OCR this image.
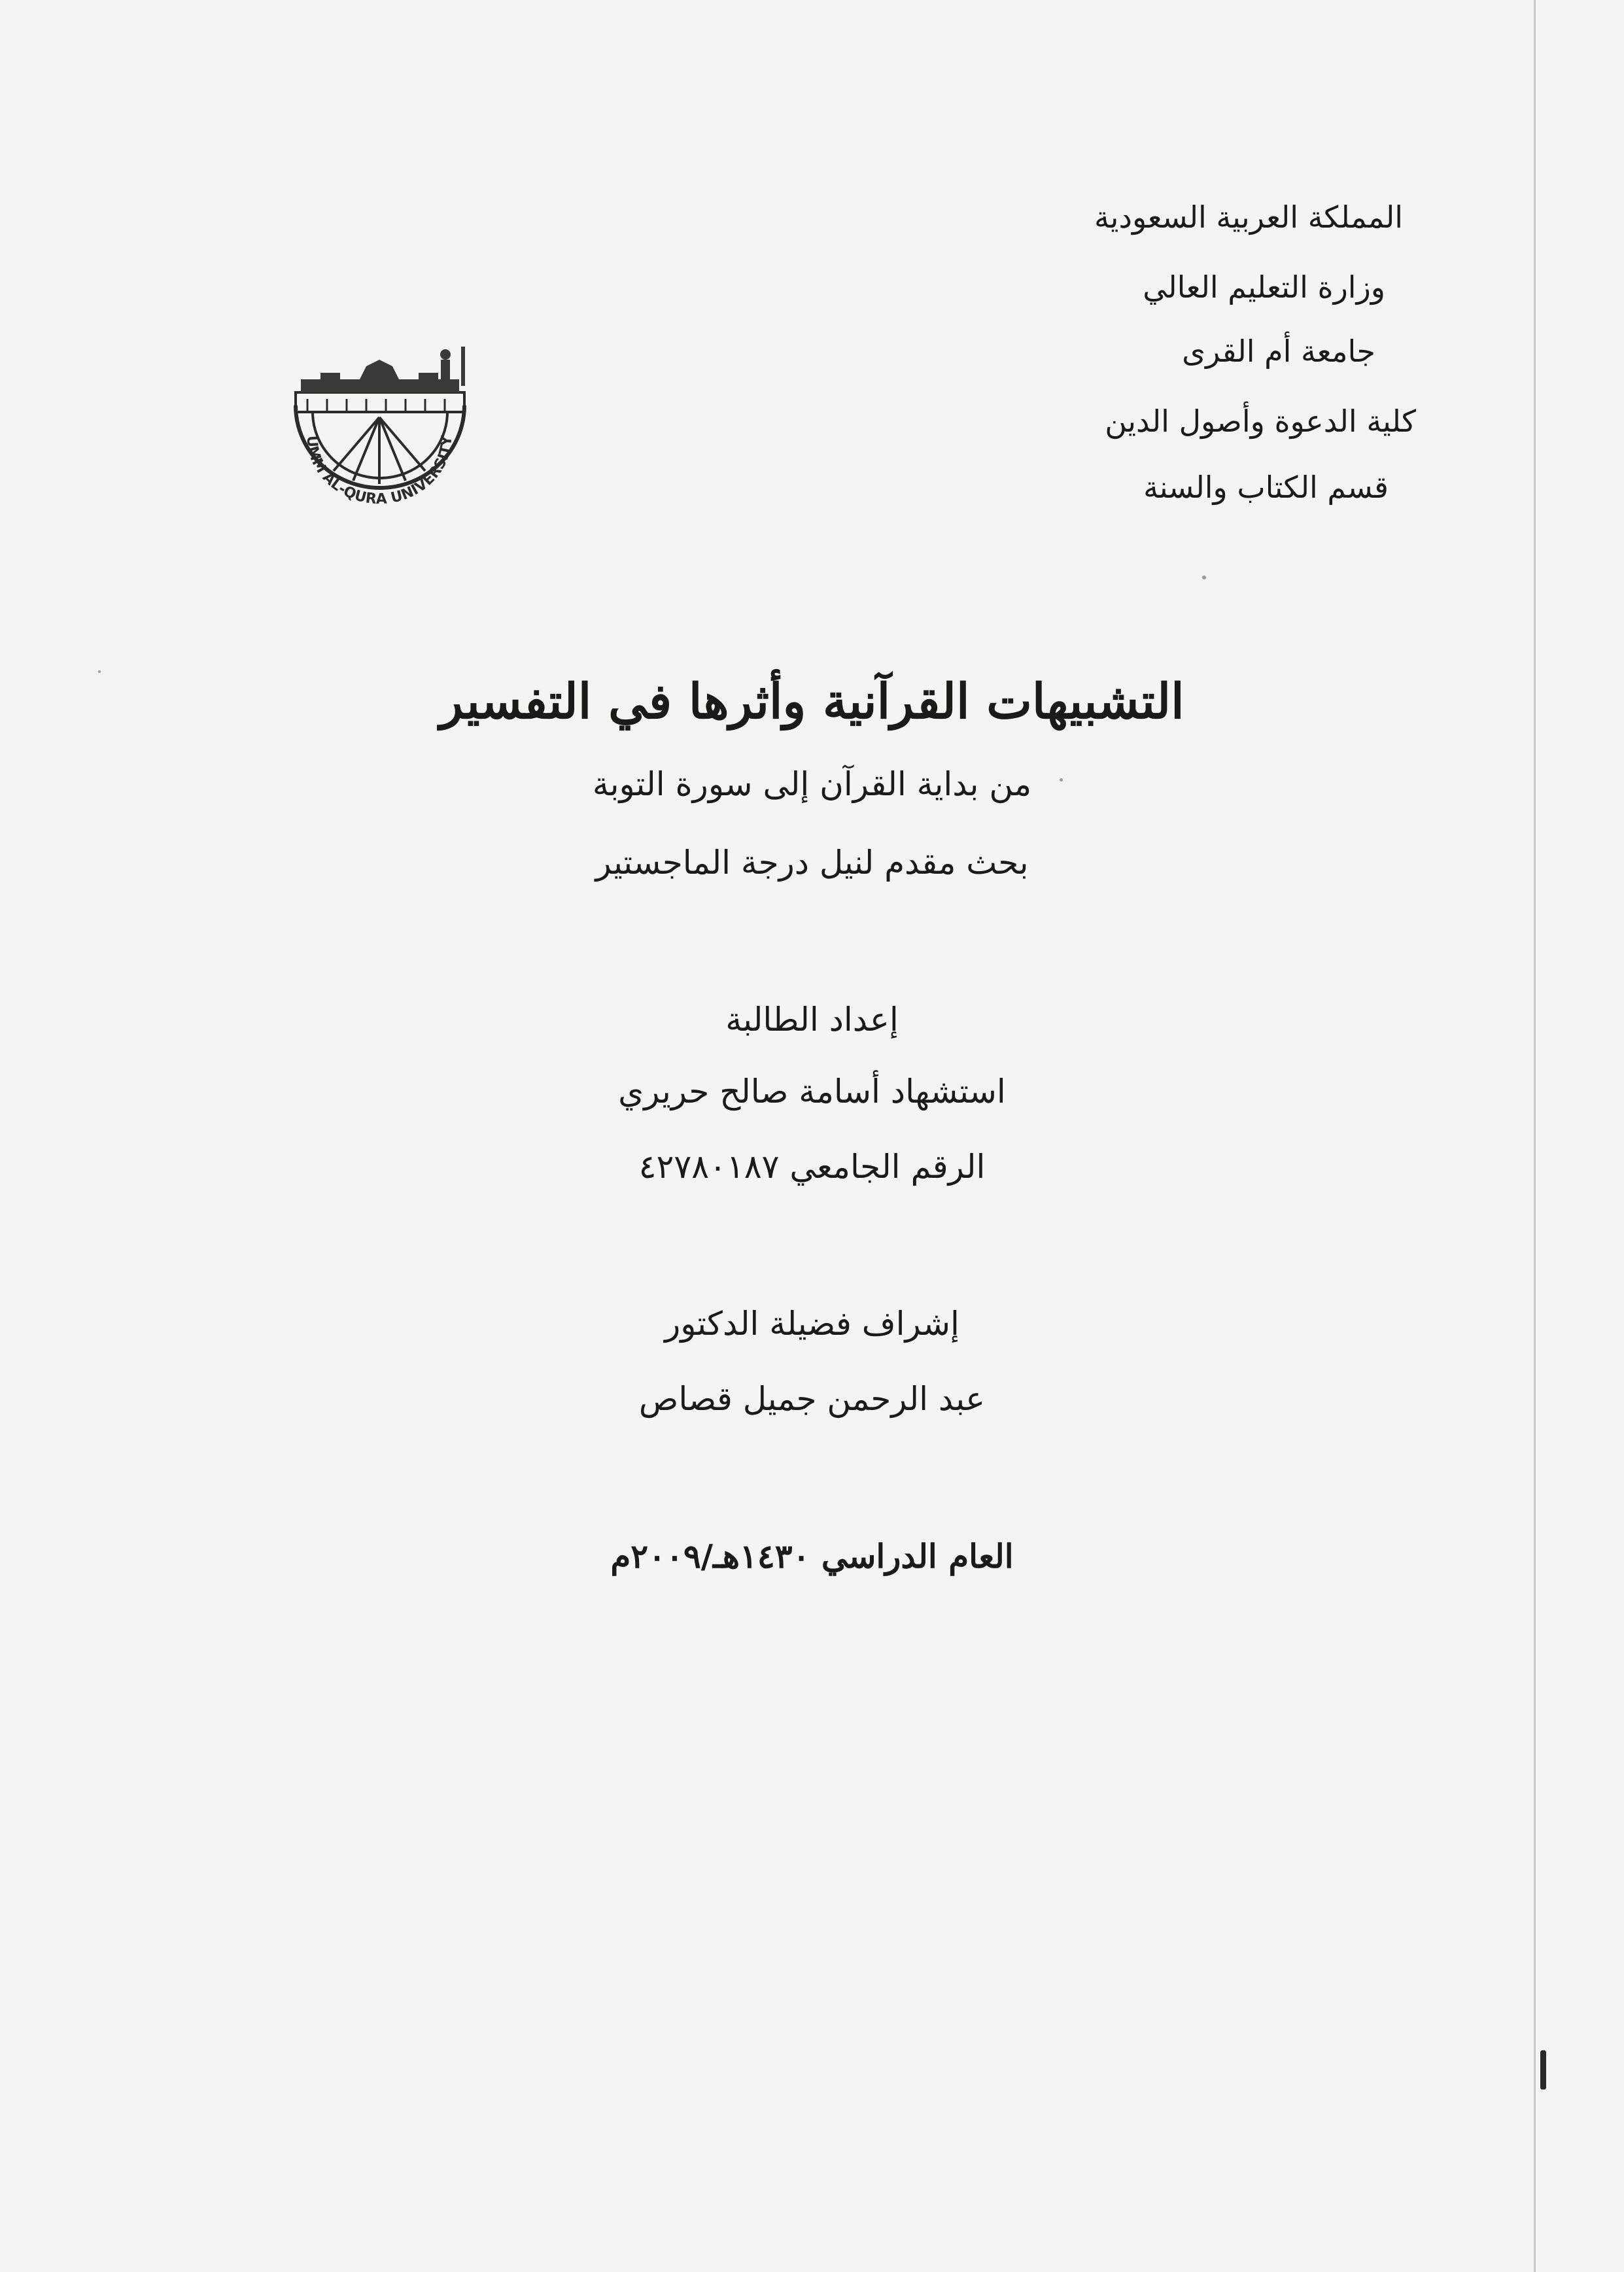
المملكة العربية السعودية
وزارة التعليم العالي
جامعة أم القرى
كلية الدعوة وأصول الدين
قسم الكتاب والسنة
UMM AL-QURA UNIVERSITY
التشبيهات القرآنية وأثرها في التفسير
من بداية القرآن إلى سورة التوبة
بحث مقدم لنيل درجة الماجستير
إعداد الطالبة
استشهاد أسامة صالح حريري
الرقم الجامعي ٤٢٧٨٠١٨٧
إشراف فضيلة الدكتور
عبد الرحمن جميل قصاص
العام الدراسي ١٤٣٠هـ/٢٠٠٩م
